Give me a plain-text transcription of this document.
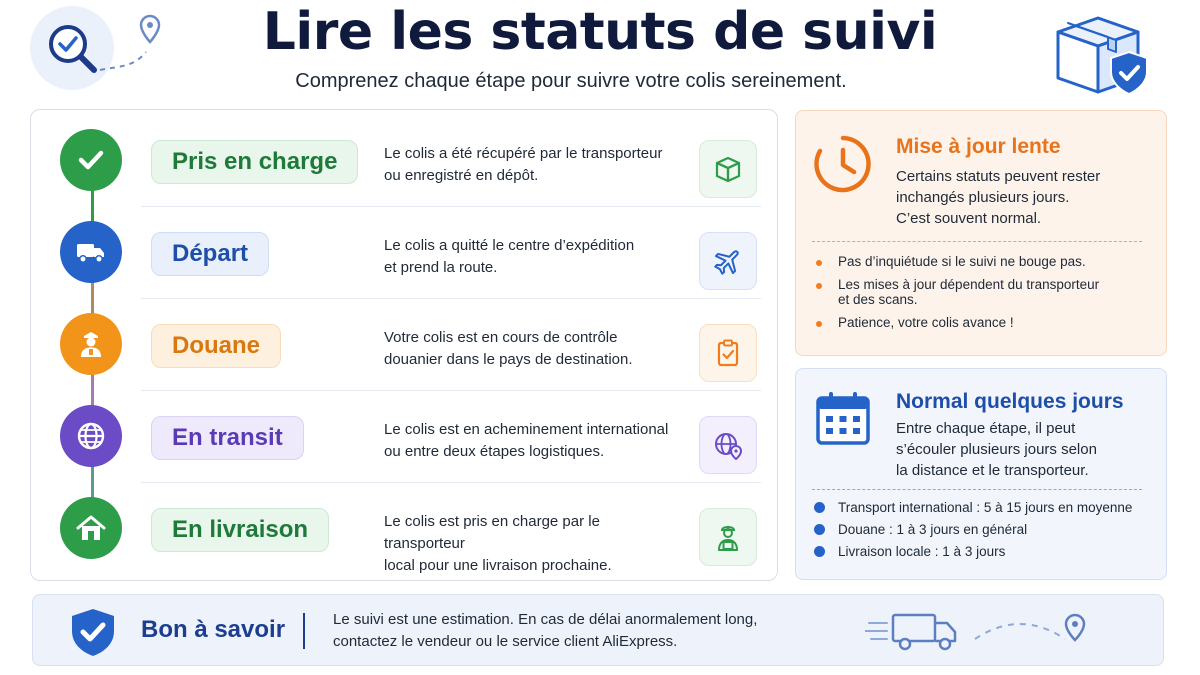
Lire les statuts de suivi
Comprenez chaque étape pour suivre votre colis sereinement.
Pris en charge	Le colis a été récupéré par le transporteur
ou enregistré en dépôt.
Départ	Le colis a quitté le centre d’expédition
et prend la route.
Douane	Votre colis est en cours de contrôle
douanier dans le pays de destination.
En transit	Le colis est en acheminement international
ou entre deux étapes logistiques.
En livraison	Le colis est pris en charge par le transporteur
local pour une livraison prochaine.
Mise à jour lente
Certains statuts peuvent rester
inchangés plusieurs jours.
C’est souvent normal.
Pas d’inquiétude si le suivi ne bouge pas.
Les mises à jour dépendent du transporteur
et des scans.
Patience, votre colis avance !
Normal quelques jours
Entre chaque étape, il peut
s’écouler plusieurs jours selon
la distance et le transporteur.
Transport international : 5 à 15 jours en moyenne
Douane : 1 à 3 jours en général
Livraison locale : 1 à 3 jours
Bon à savoir	Le suivi est une estimation. En cas de délai anormalement long,
contactez le vendeur ou le service client AliExpress.
